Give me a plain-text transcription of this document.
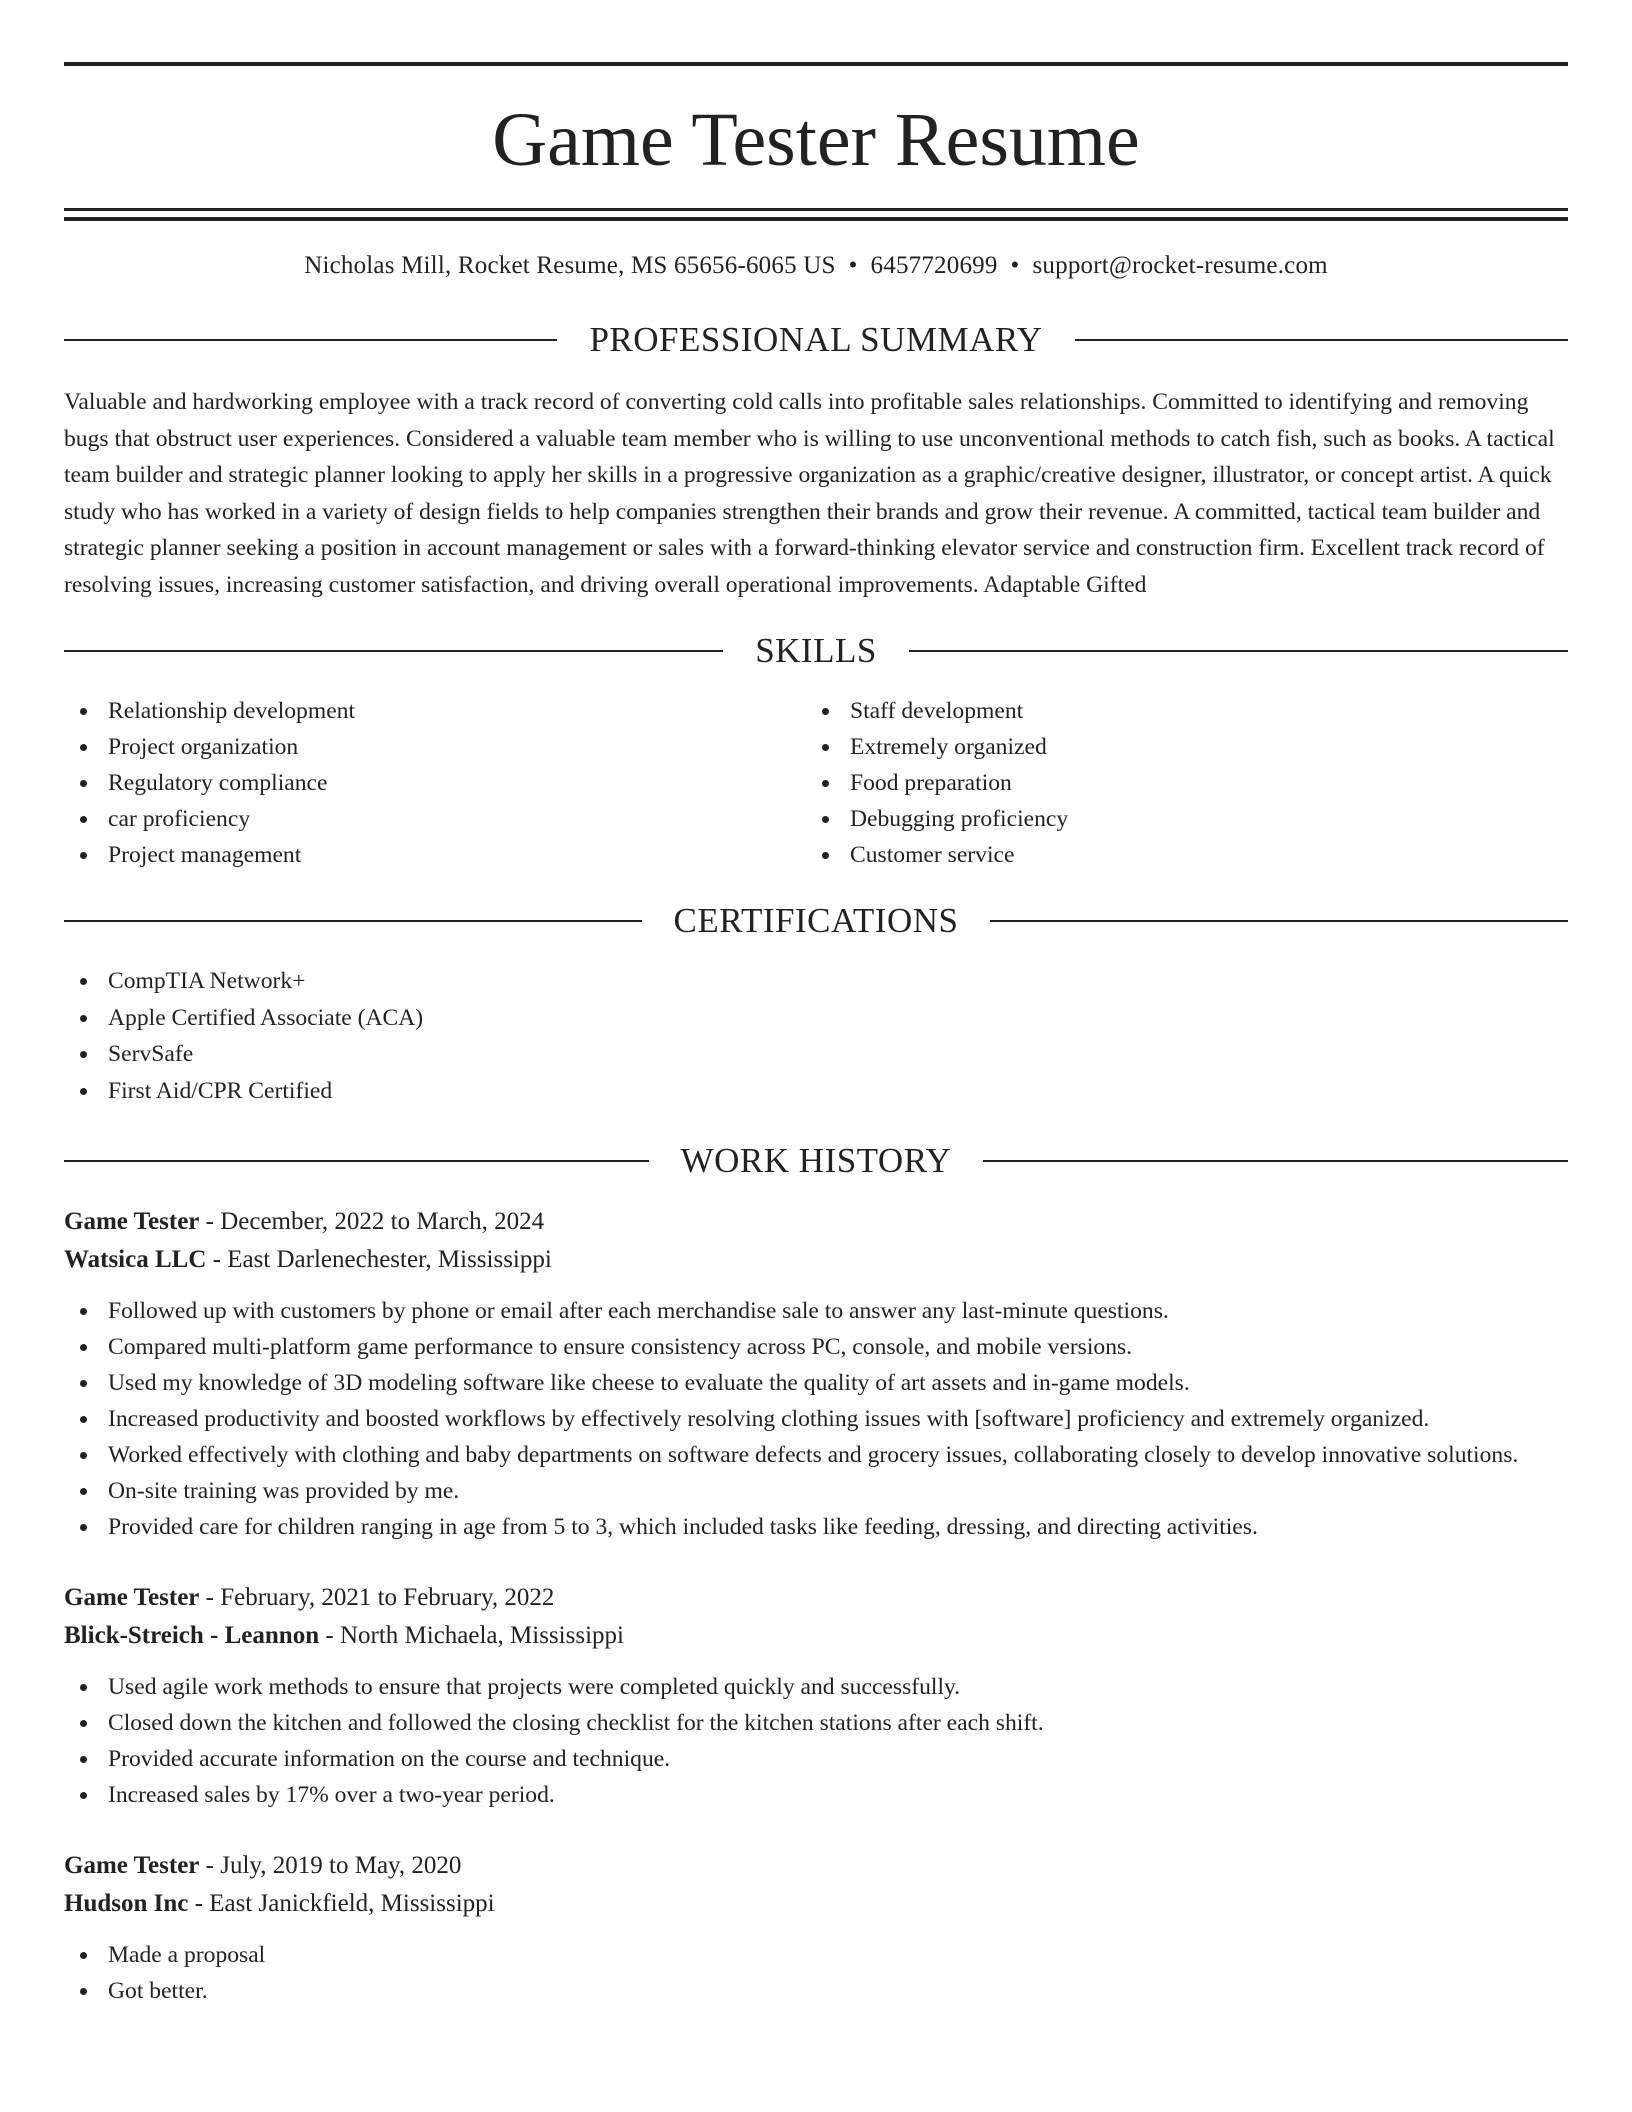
Game Tester Resume
Nicholas Mill, Rocket Resume, MS 65656-6065 US • 6457720699 • support@rocket-resume.com
PROFESSIONAL SUMMARY
Valuable and hardworking employee with a track record of converting cold calls into profitable sales relationships. Committed to identifying and removing bugs that obstruct user experiences. Considered a valuable team member who is willing to use unconventional methods to catch fish, such as books. A tactical team builder and strategic planner looking to apply her skills in a progressive organization as a graphic/creative designer, illustrator, or concept artist. A quick study who has worked in a variety of design fields to help companies strengthen their brands and grow their revenue. A committed, tactical team builder and strategic planner seeking a position in account management or sales with a forward-thinking elevator service and construction firm. Excellent track record of resolving issues, increasing customer satisfaction, and driving overall operational improvements. Adaptable Gifted
SKILLS
Relationship development
Project organization
Regulatory compliance
car proficiency
Project management
Staff development
Extremely organized
Food preparation
Debugging proficiency
Customer service
CERTIFICATIONS
CompTIA Network+
Apple Certified Associate (ACA)
ServSafe
First Aid/CPR Certified
WORK HISTORY
Game Tester - December, 2022 to March, 2024
Watsica LLC - East Darlenechester, Mississippi
Followed up with customers by phone or email after each merchandise sale to answer any last-minute questions.
Compared multi-platform game performance to ensure consistency across PC, console, and mobile versions.
Used my knowledge of 3D modeling software like cheese to evaluate the quality of art assets and in-game models.
Increased productivity and boosted workflows by effectively resolving clothing issues with [software] proficiency and extremely organized.
Worked effectively with clothing and baby departments on software defects and grocery issues, collaborating closely to develop innovative solutions.
On-site training was provided by me.
Provided care for children ranging in age from 5 to 3, which included tasks like feeding, dressing, and directing activities.
Game Tester - February, 2021 to February, 2022
Blick-Streich - Leannon - North Michaela, Mississippi
Used agile work methods to ensure that projects were completed quickly and successfully.
Closed down the kitchen and followed the closing checklist for the kitchen stations after each shift.
Provided accurate information on the course and technique.
Increased sales by 17% over a two-year period.
Game Tester - July, 2019 to May, 2020
Hudson Inc - East Janickfield, Mississippi
Made a proposal
Got better.
